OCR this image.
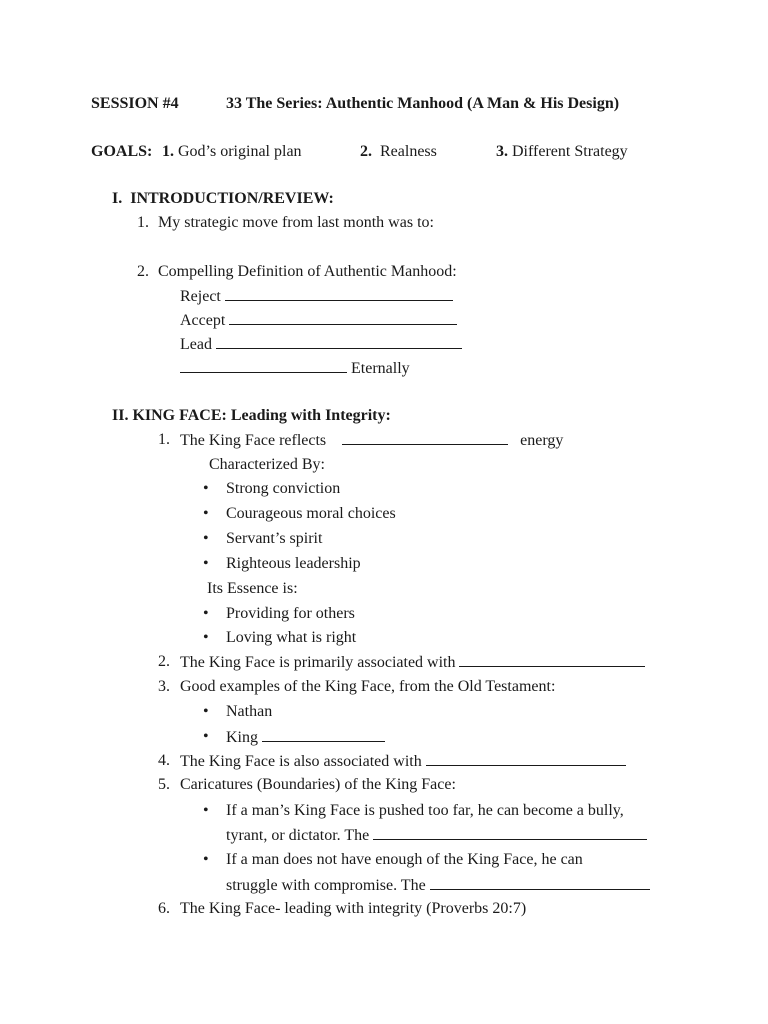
SESSION #4	33 The Series: Authentic Manhood (A Man & His Design)
GOALS: 1. God’s original plan	2. Realness	3. Different Strategy
I.  INTRODUCTION/REVIEW:
1. My strategic move from last month was to:
2. Compelling Definition of Authentic Manhood:
Reject
Accept
Lead
Eternally
II. KING FACE: Leading with Integrity:
1. The King Face reflects	energy
Characterized By:
• Strong conviction
• Courageous moral choices
• Servant’s spirit
• Righteous leadership
Its Essence is:
• Providing for others
• Loving what is right
2. The King Face is primarily associated with
3. Good examples of the King Face, from the Old Testament:
• Nathan
• King
4. The King Face is also associated with
5. Caricatures (Boundaries) of the King Face:
• If a man’s King Face is pushed too far, he can become a bully,
tyrant, or dictator. The
• If a man does not have enough of the King Face, he can
struggle with compromise. The
6. The King Face- leading with integrity (Proverbs 20:7)
